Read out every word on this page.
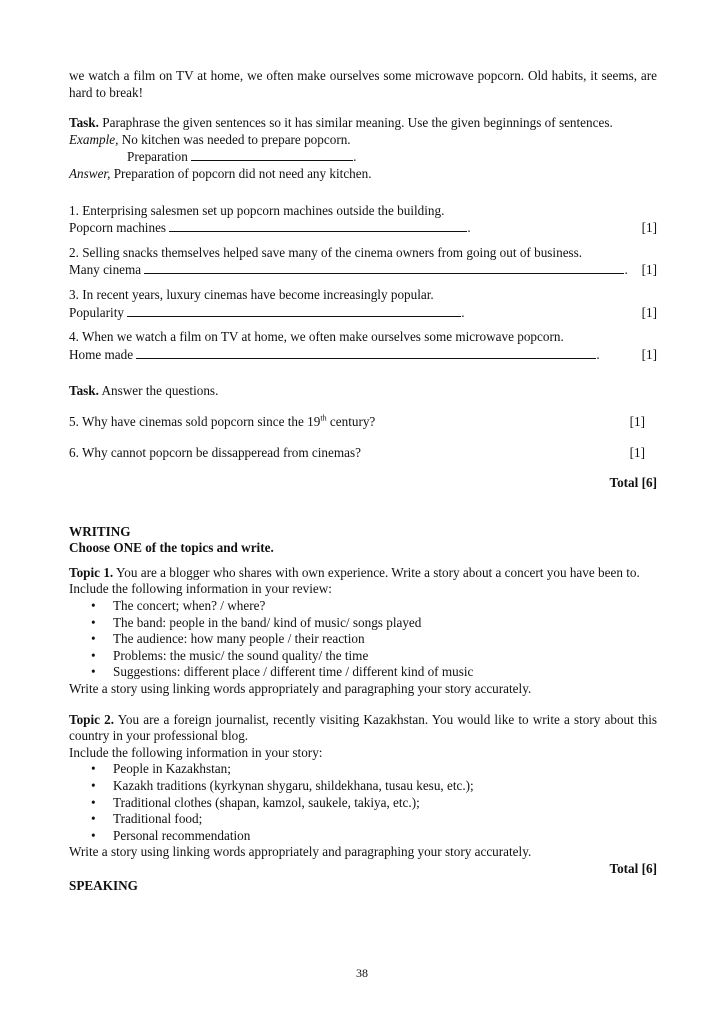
we watch a film on TV at home, we often make ourselves some microwave popcorn. Old habits, it seems, are hard to break!

Task. Paraphrase the given sentences so it has similar meaning. Use the given beginnings of sentences.

Example, No kitchen was needed to prepare popcorn.

Preparation	.

Answer, Preparation of popcorn did not need any kitchen.

1. Enterprising salesmen set up popcorn machines outside the building.

Popcorn machines	.	[1]

2. Selling snacks themselves helped save many of the cinema owners from going out of business.

Many cinema	. [1]

3. In recent years, luxury cinemas have become increasingly popular.

Popularity	.	[1]

4. When we watch a film on TV at home, we often make ourselves some microwave popcorn.

Home made	.	[1]

Task. Answer the questions.

5. Why have cinemas sold popcorn since the 19th century?	[1]
6. Why cannot popcorn be dissapperead from cinemas?	[1]

Total [6]

WRITING

Choose ONE of the topics and write.

Topic 1. You are a blogger who shares with own experience. Write a story about a concert you have been to.

Include the following information in your review:

• The concert; when? / where?
• The band: people in the band/ kind of music/ songs played
• The audience: how many people / their reaction
• Problems: the music/ the sound quality/ the time
• Suggestions: different place / different time / different kind of music

Write a story using linking words appropriately and paragraphing your story accurately.

Topic 2. You are a foreign journalist, recently visiting Kazakhstan. You would like to write a story about this country in your professional blog.

Include the following information in your story:

• People in Kazakhstan;
• Kazakh traditions (kyrkynan shygaru, shildekhana, tusau kesu, etc.);
• Traditional clothes (shapan, kamzol, saukele, takiya, etc.);
• Traditional food;
• Personal recommendation

Write a story using linking words appropriately and paragraphing your story accurately.

Total [6]

SPEAKING

38
